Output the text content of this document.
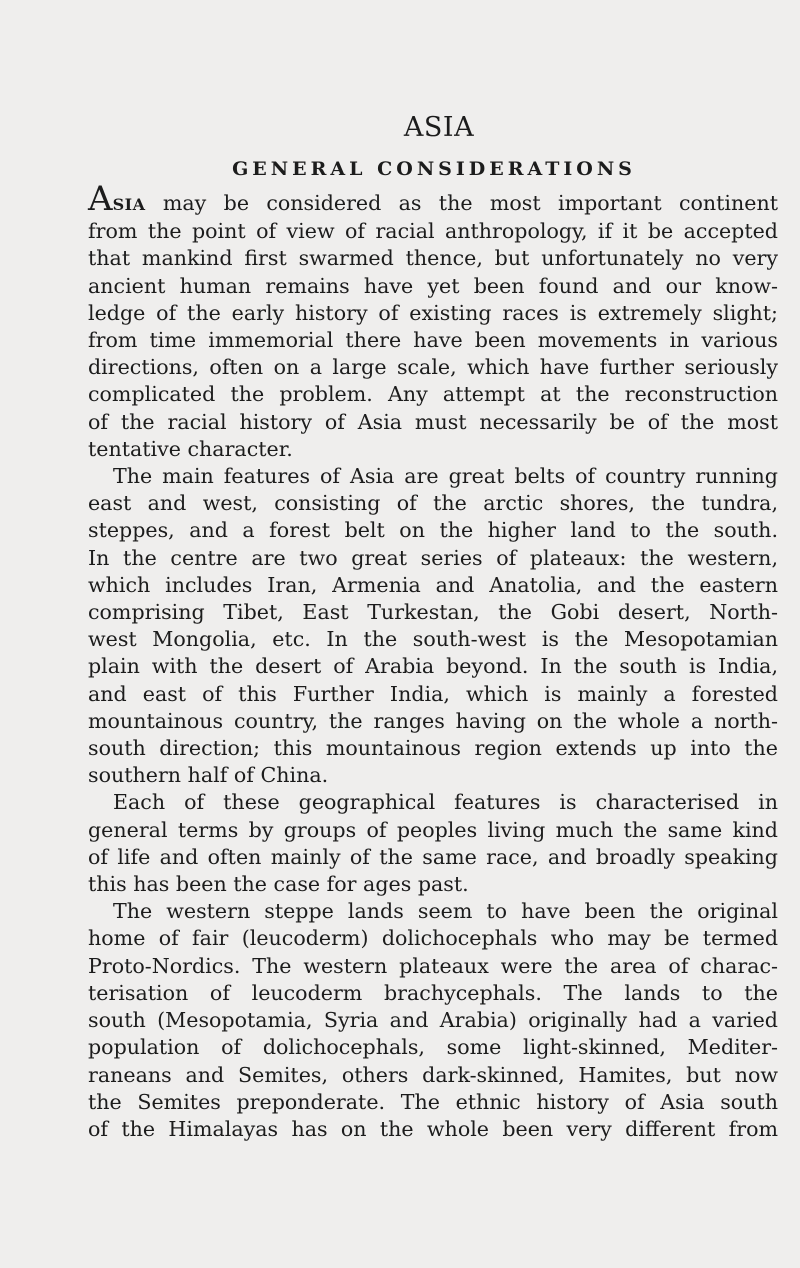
ASIA
GENERAL CONSIDERATIONS
ASIA may be considered as the most important continent
from the point of view of racial anthropology, if it be accepted
that mankind first swarmed thence, but unfortunately no very
ancient human remains have yet been found and our know-
ledge of the early history of existing races is extremely slight;
from time immemorial there have been movements in various
directions, often on a large scale, which have further seriously
complicated the problem. Any attempt at the reconstruction
of the racial history of Asia must necessarily be of the most
tentative character.
The main features of Asia are great belts of country running
east and west, consisting of the arctic shores, the tundra,
steppes, and a forest belt on the higher land to the south.
In the centre are two great series of plateaux: the western,
which includes Iran, Armenia and Anatolia, and the eastern
comprising Tibet, East Turkestan, the Gobi desert, North-
west Mongolia, etc. In the south-west is the Mesopotamian
plain with the desert of Arabia beyond. In the south is India,
and east of this Further India, which is mainly a forested
mountainous country, the ranges having on the whole a north-
south direction; this mountainous region extends up into the
southern half of China.
Each of these geographical features is characterised in
general terms by groups of peoples living much the same kind
of life and often mainly of the same race, and broadly speaking
this has been the case for ages past.
The western steppe lands seem to have been the original
home of fair (leucoderm) dolichocephals who may be termed
Proto-Nordics. The western plateaux were the area of charac-
terisation of leucoderm brachycephals. The lands to the
south (Mesopotamia, Syria and Arabia) originally had a varied
population of dolichocephals, some light-skinned, Mediter-
raneans and Semites, others dark-skinned, Hamites, but now
the Semites preponderate. The ethnic history of Asia south
of the Himalayas has on the whole been very different from
